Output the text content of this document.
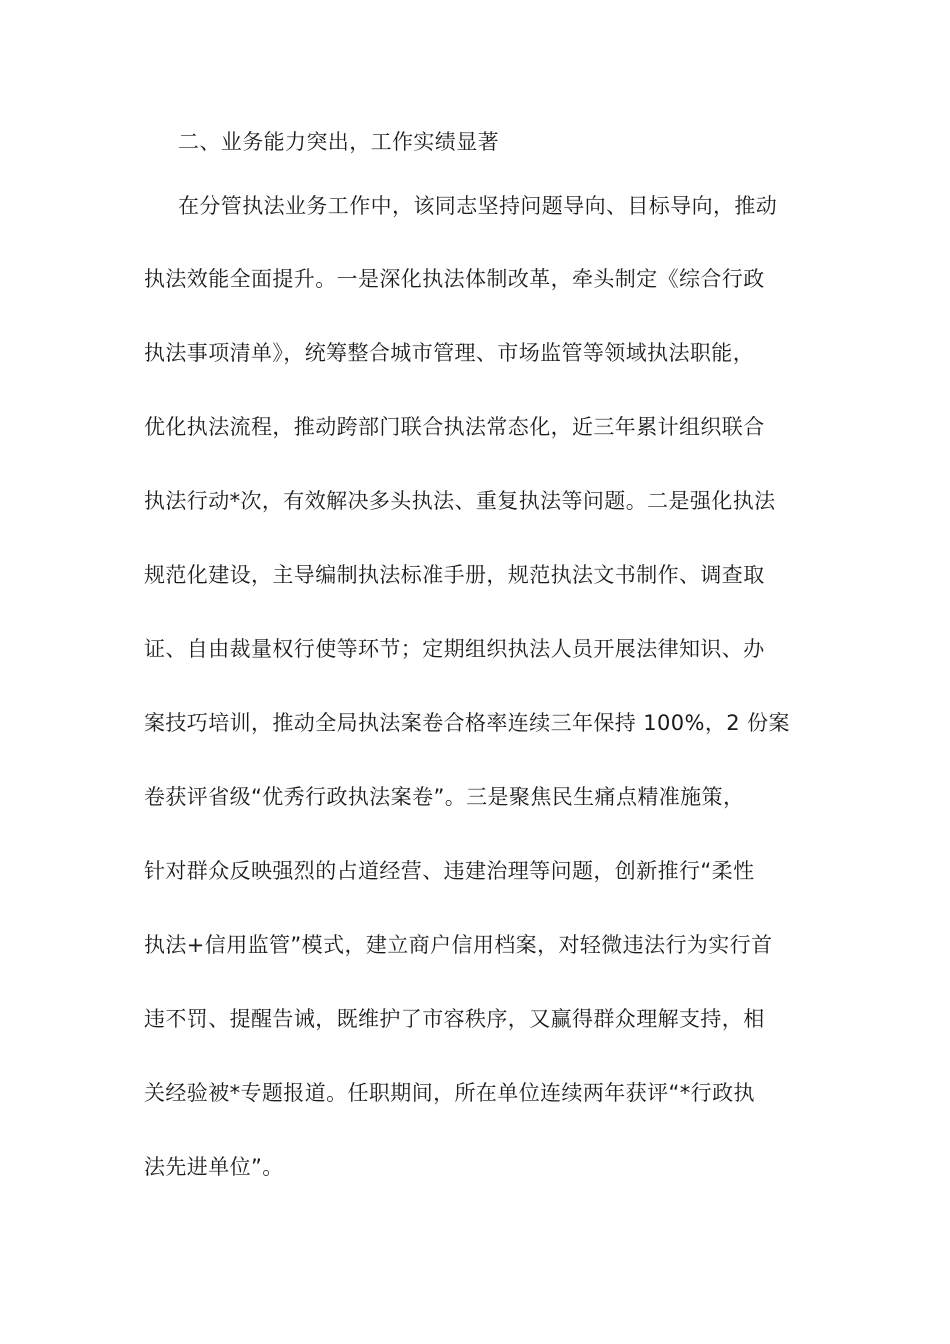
二、业务能力突出，工作实绩显著
在分管执法业务工作中，该同志坚持问题导向、目标导向，推动
执法效能全面提升。一是深化执法体制改革，牵头制定《综合行政
执法事项清单》，统筹整合城市管理、市场监管等领域执法职能，
优化执法流程，推动跨部门联合执法常态化，近三年累计组织联合
执法行动*次，有效解决多头执法、重复执法等问题。二是强化执法
规范化建设，主导编制执法标准手册，规范执法文书制作、调查取
证、自由裁量权行使等环节；定期组织执法人员开展法律知识、办
案技巧培训，推动全局执法案卷合格率连续三年保持 100%，2 份案
卷获评省级“优秀行政执法案卷”。三是聚焦民生痛点精准施策，
针对群众反映强烈的占道经营、违建治理等问题，创新推行“柔性
执法+信用监管”模式，建立商户信用档案，对轻微违法行为实行首
违不罚、提醒告诫，既维护了市容秩序，又赢得群众理解支持，相
关经验被*专题报道。任职期间，所在单位连续两年获评“*行政执
法先进单位”。
